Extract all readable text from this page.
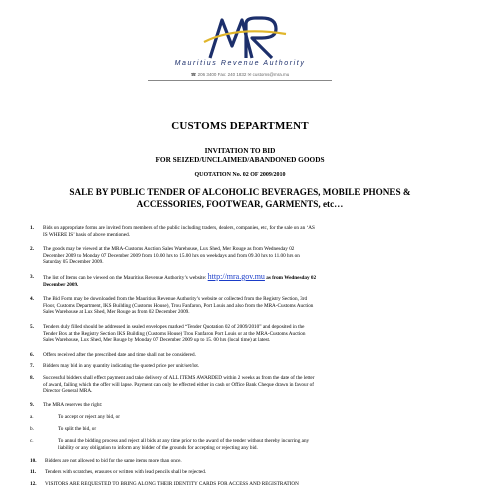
Mauritius Revenue Authority
☎ 206 3400 Fax: 240 1832 ✉ customs@mra.mu
CUSTOMS DEPARTMENT
INVITATION TO BID
FOR SEIZED/UNCLAIMED/ABANDONED GOODS
QUOTATION No. 02 OF 2009/2010
SALE BY PUBLIC TENDER OF ALCOHOLIC BEVERAGES, MOBILE PHONES &
ACCESSORIES, FOOTWEAR, GARMENTS, etc…
1.	Bids on appropriate forms are invited from members of the public including traders, dealers, companies, etc, for the sale on an ‘AS
IS WHERE IS’ basis of above mentioned.
2.	The goods may be viewed at the MRA-Customs Auction Sales Warehouse, Lux Shed, Mer Rouge as from Wednesday 02
December 2009 to Monday 07 December 2009 from 10.00 hrs to 15.00 hrs on weekdays and from 09.30 hrs to 11.00 hrs on
Saturday 05 December 2009.
3.	The list of Items can be viewed on the Mauritius Revenue Authority’s website: http://mra.gov.mu as from Wednesday 02
December 2009.
4.	The Bid Form may be downloaded from the Mauritius Revenue Authority’s website or collected from the Registry Section, 3rd
Floor, Customs Department, IKS Building (Customs House), Trou Fanfaron, Port Louis and also from the MRA-Customs Auction
Sales Warehouse at Lux Shed, Mer Rouge as from 02 December 2009.
5.	Tenders duly filled should be addressed in sealed envelopes marked “Tender Quotation 02 of 2009/2010” and deposited in the
Tender Box at the Registry Section IKS Building (Customs House) Trou Fanfaron Port Louis or at the MRA-Customs Auction
Sales Warehouse, Lux Shed, Mer Rouge by Monday 07 December 2009 up to 15. 00 hrs (local time) at latest.
6.	Offers received after the prescribed date and time shall not be considered.
7.	Bidders may bid in any quantity indicating the quoted price per unit/set/lot.
8.	Successful bidders shall effect payment and take delivery of ALL ITEMS AWARDED within 2 weeks as from the date of the letter
of award, failing which the offer will lapse. Payment can only be effected either in cash or Office Bank Cheque drawn in favour of
Director General MRA.
9.	The MRA reserves the right:
a.	To accept or reject any bid, or
b.	To split the bid, or
c.	To annul the bidding process and reject all bids at any time prior to the award of the tender without thereby incurring any
liability or any obligation to inform any bidder of the grounds for accepting or rejecting any bid.
10.	Bidders are not allowed to bid for the same items more than once.
11.	Tenders with scratches, erasures or written with lead pencils shall be rejected.
12.	VISITORS ARE REQUESTED TO BRING ALONG THEIR IDENTITY CARDS FOR ACCESS AND REGISTRATION
